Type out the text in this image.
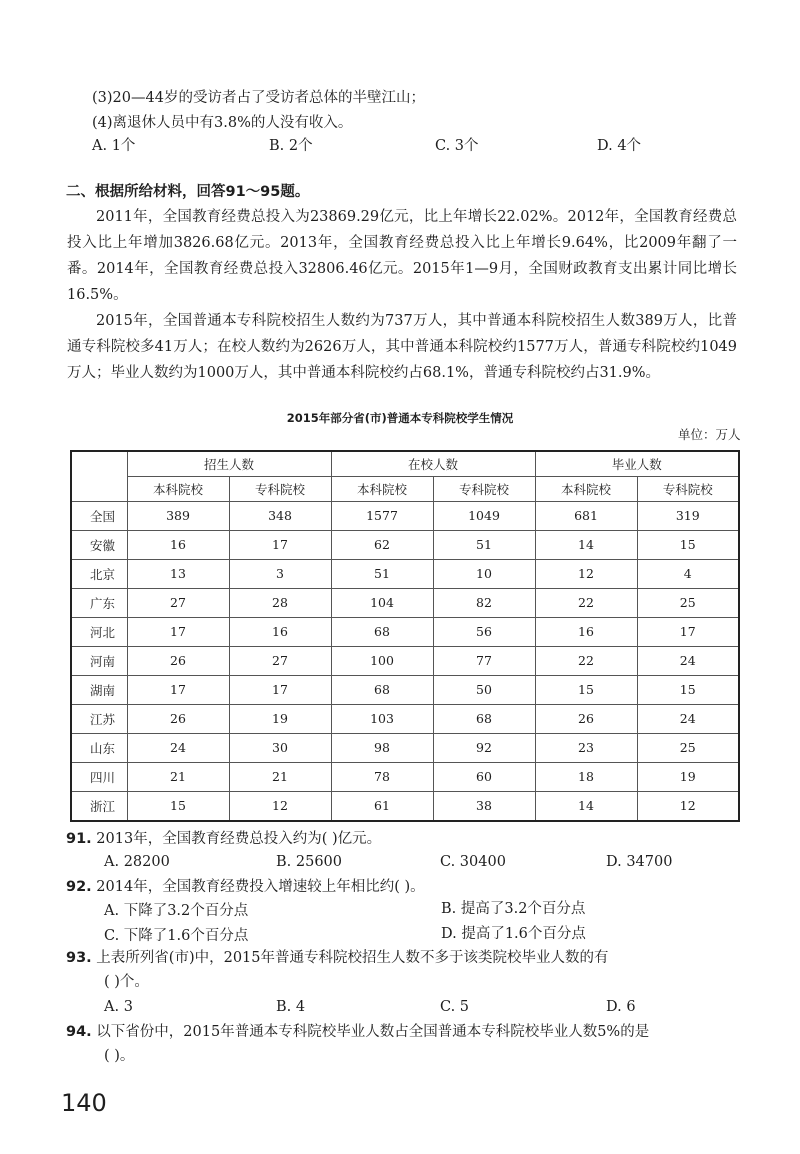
(3)20—44岁的受访者占了受访者总体的半壁江山；
(4)离退休人员中有3.8%的人没有收入。
A. 1个	B. 2个	C. 3个	D. 4个
二、根据所给材料，回答91～95题。
2011年，全国教育经费总投入为23869.29亿元，比上年增长22.02%。2012年，全国教育经费总投入比上年增加3826.68亿元。2013年，全国教育经费总投入比上年增长9.64%，比2009年翻了一番。2014年，全国教育经费总投入32806.46亿元。2015年1—9月，全国财政教育支出累计同比增长16.5%。
2015年，全国普通本专科院校招生人数约为737万人，其中普通本科院校招生人数389万人，比普通专科院校多41万人；在校人数约为2626万人，其中普通本科院校约1577万人，普通专科院校约1049万人；毕业人数约为1000万人，其中普通本科院校约占68.1%，普通专科院校约占31.9%。
2015年部分省(市)普通本专科院校学生情况
单位：万人
	招生人数		在校人数		毕业人数	
	本科院校	专科院校	本科院校	专科院校	本科院校	专科院校
全国	389	348	1577	1049	681	319
安徽	16	17	62	51	14	15
北京	13	3	51	10	12	4
广东	27	28	104	82	22	25
河北	17	16	68	56	16	17
河南	26	27	100	77	22	24
湖南	17	17	68	50	15	15
江苏	26	19	103	68	26	24
山东	24	30	98	92	23	25
四川	21	21	78	60	18	19
浙江	15	12	61	38	14	12
91. 2013年，全国教育经费总投入约为( )亿元。
A. 28200	B. 25600	C. 30400	D. 34700
92. 2014年，全国教育经费投入增速较上年相比约( )。
A. 下降了3.2个百分点	B. 提高了3.2个百分点
C. 下降了1.6个百分点	D. 提高了1.6个百分点
93. 上表所列省(市)中，2015年普通专科院校招生人数不多于该类院校毕业人数的有
( )个。
A. 3	B. 4	C. 5	D. 6
94. 以下省份中，2015年普通本专科院校毕业人数占全国普通本专科院校毕业人数5%的是
( )。
140
